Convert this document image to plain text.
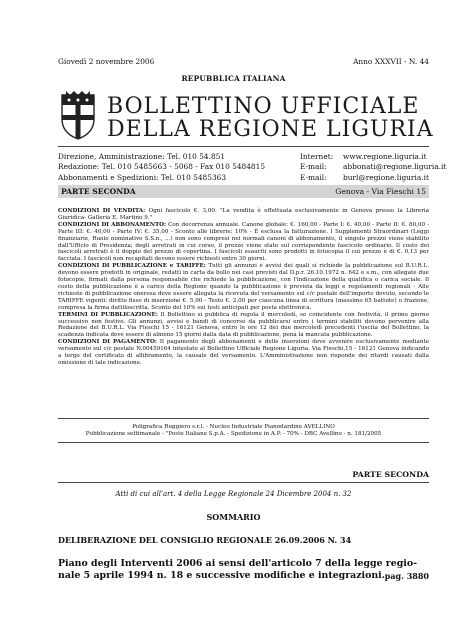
Giovedì 2 novembre 2006	Anno XXXVII - N. 44
REPUBBLICA ITALIANA
BOLLETTINO UFFICIALE
DELLA REGIONE LIGURIA
Direzione, Amministrazione: Tel. 010 54.851
Redazione: Tel. 010 5485663 - 5068 - Fax 010 5484815
Abbonamenti e Spedizioni: Tel. 010 5485363
Internet: www.regione.liguria.it
E-mail: abbonati@regione.liguria.it
E-mail: burl@regione.liguria.it
PARTE SECONDA	Genova - Via Fieschi 15
CONDIZIONI DI VENDITA: Ogni fascicolo €. 3,00. "La vendita è effettuata esclusivamente in Genova presso la Libreria Giuridica- Galleria E. Martino 9."
CONDIZIONI DI ABBONAMENTO: Con decorrenza annuale. Canone globale: €. 160,00 - Parte I: €. 40,00 - Parte II: €. 80,00 - Parte III: €. 40,00 - Parte IV: €. 35,00 - Sconto alle librerie: 10% - È esclusa la fatturazione. I Supplementi Straordinari (Leggi finanziarie, Ruolo nominativo S.S.n., ...) non sono compresi nei normali canoni di abbonamento, il singolo prezzo viene stabilito dall'Ufficio di Presidenza; degli arretrati in cui corso, il prezzo viene stato sul corrispondente fascicolo ordinario. Il costo dei fascicoli arretrati è il doppio del prezzo di copertina. I fascicoli esauriti sono prodotti in fotocopia il cui prezzo è di €. 0,13 per facciata. I fascicoli non recapitati devono essere richiesti entro 30 giorni.
CONDIZIONI DI PUBBLICAZIONE e TARIFFE: Tutti gli annunzi e avvisi dei quali si richiede la pubblicazione sul B.U.R.L. devono essere prodotti in originale, redatti in carta da bollo nei casi previsti dal D.p.r. 26.10.1972 n. 642 e s.m., con allegate due fotocopie, firmati dalla persona responsabile che richiede la pubblicazione, con l'indicazione della qualifica o carica sociale. Il costo della pubblicazione è a carico della Regione quando la pubblicazione è prevista da leggi e regolamenti regionali - Alle richieste di pubblicazione onerosa deve essere allegata la ricevuta del versamento sul c/c postale dell'importo dovuto, secondo le TARIFFE vigenti: diritto fisso di inserzione €. 5,00 - Testo €. 2,00 per ciascuna linea di scrittura (massimo 65 battute) o frazione, compresa la firma dattiloscritta. Sconto del 10% sui testi anticipati per posta elettronica.
TERMINI DI PUBBLICAZIONE: Il Bollettino si pubblica di regola il mercoledì, se coincidente con festività, il primo giorno successivo non festivo. Gli annunzi, avvisi e bandi di concorso da pubblicarsi entro i termini stabiliti devono pervenire alla Redazione del B.U.R.L. Via Fieschi 15 - 16121 Genova, entro le ore 12 dei due mercoledì precedenti l'uscita del Bollettino, la scadenza indicata deve essere di almeno 15 giorni dalla data di pubblicazione, pena la mancata pubblicazione.
CONDIZIONI DI PAGAMENTO: Il pagamento degli abbonamenti e delle inserzioni deve avvenire esclusivamente mediante versamento sul c/c postale N.00459164 intestato al Bollettino Ufficiale Regione Liguria, Via Fieschi,15 - 16121 Genova indicando a tergo del certificato di allibramento, la causale del versamento. L'Amministrazione non risponde dei ritardi causati dalla omissione di tale indicazione.
Poligrafica Ruggiero s.r.l. - Nucleo Industriale Pianodardine AVELLINO
Pubblicazione settimanale - "Poste Italiane S.p.A. - Spedizione in A.P. - 70% - DBC Avellino - n. 181/2005
PARTE SECONDA
Atti di cui all'art. 4 della Legge Regionale 24 Dicembre 2004 n. 32
SOMMARIO
DELIBERAZIONE DEL CONSIGLIO REGIONALE 26.09.2006 N. 34
Piano degli Interventi 2006 ai sensi dell'articolo 7 della legge regio-
nale 5 aprile 1994 n. 18 e successive modifiche e integrazioni. pag. 3880
